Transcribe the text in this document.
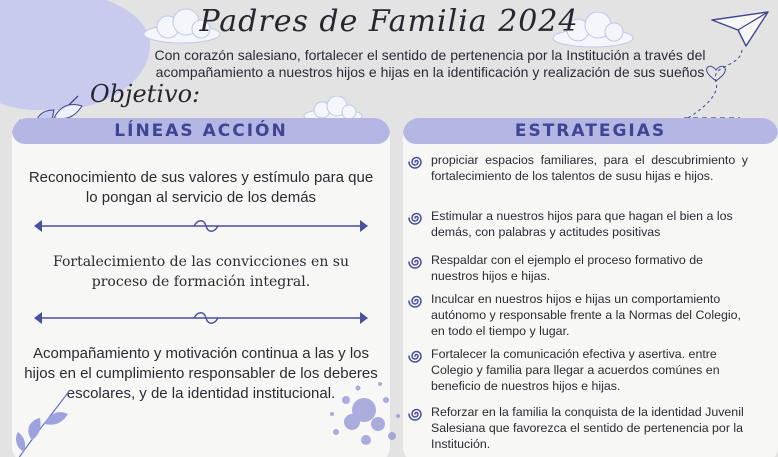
Padres de Familia 2024
Con corazón salesiano, fortalecer el sentido de pertenencia por la Institución a través del acompañamiento a nuestros hijos e hijas en la identificación y realización de sus sueños
Objetivo:
LÍNEAS ACCIÓN
Reconocimiento de sus valores y estímulo para que lo pongan al servicio de los demás
Fortalecimiento de las convicciones en su proceso de formación integral.
Acompañamiento y motivación continua a las y los hijos en el cumplimiento responsabler de los deberes escolares, y de la identidad institucional.
ESTRATEGIAS
propiciar espacios familiares, para el descubrimiento y fortalecimiento de los talentos de susu hijas e hijos.
Estimular a nuestros hijos para que hagan el bien a los demás, con palabras y actitudes positivas
Respaldar con el ejemplo el proceso formativo de nuestros hijos e hijas.
Inculcar en nuestros hijos e hijas un comportamiento autónomo y responsable frente a la Normas del Colegio, en todo el tiempo y lugar.
Fortalecer la comunicación efectiva y asertiva. entre Colegio y familia para llegar a acuerdos comúnes en beneficio de nuestros hijos e hijas.
Reforzar en la familia la conquista de la identidad Juvenil Salesiana que favorezca el sentido de pertenencia por la Institución.
